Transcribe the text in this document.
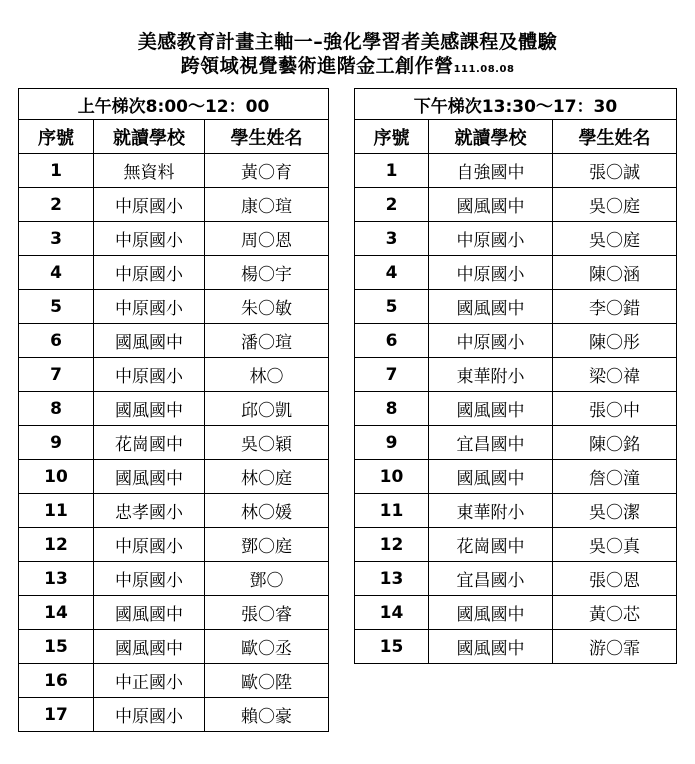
美感教育計畫主軸一–強化學習者美感課程及體驗
跨領域視覺藝術進階金工創作營111.08.08
上午梯次8:00～12：00		
序號	就讀學校	學生姓名
1	無資料	黃〇育
2	中原國小	康〇瑄
3	中原國小	周〇恩
4	中原國小	楊〇宇
5	中原國小	朱〇敏
6	國風國中	潘〇瑄
7	中原國小	林〇
8	國風國中	邱〇凱
9	花崗國中	吳〇穎
10	國風國中	林〇庭
11	忠孝國小	林〇媛
12	中原國小	鄧〇庭
13	中原國小	鄧〇
14	國風國中	張〇睿
15	國風國中	歐〇丞
16	中正國小	歐〇陞
17	中原國小	賴〇豪
下午梯次13:30～17：30		
序號	就讀學校	學生姓名
1	自強國中	張〇誠
2	國風國中	吳〇庭
3	中原國小	吳〇庭
4	中原國小	陳〇涵
5	國風國中	李〇錯
6	中原國小	陳〇彤
7	東華附小	梁〇禕
8	國風國中	張〇中
9	宜昌國中	陳〇銘
10	國風國中	詹〇潼
11	東華附小	吳〇潔
12	花崗國中	吳〇真
13	宜昌國小	張〇恩
14	國風國中	黃〇芯
15	國風國中	游〇霏
